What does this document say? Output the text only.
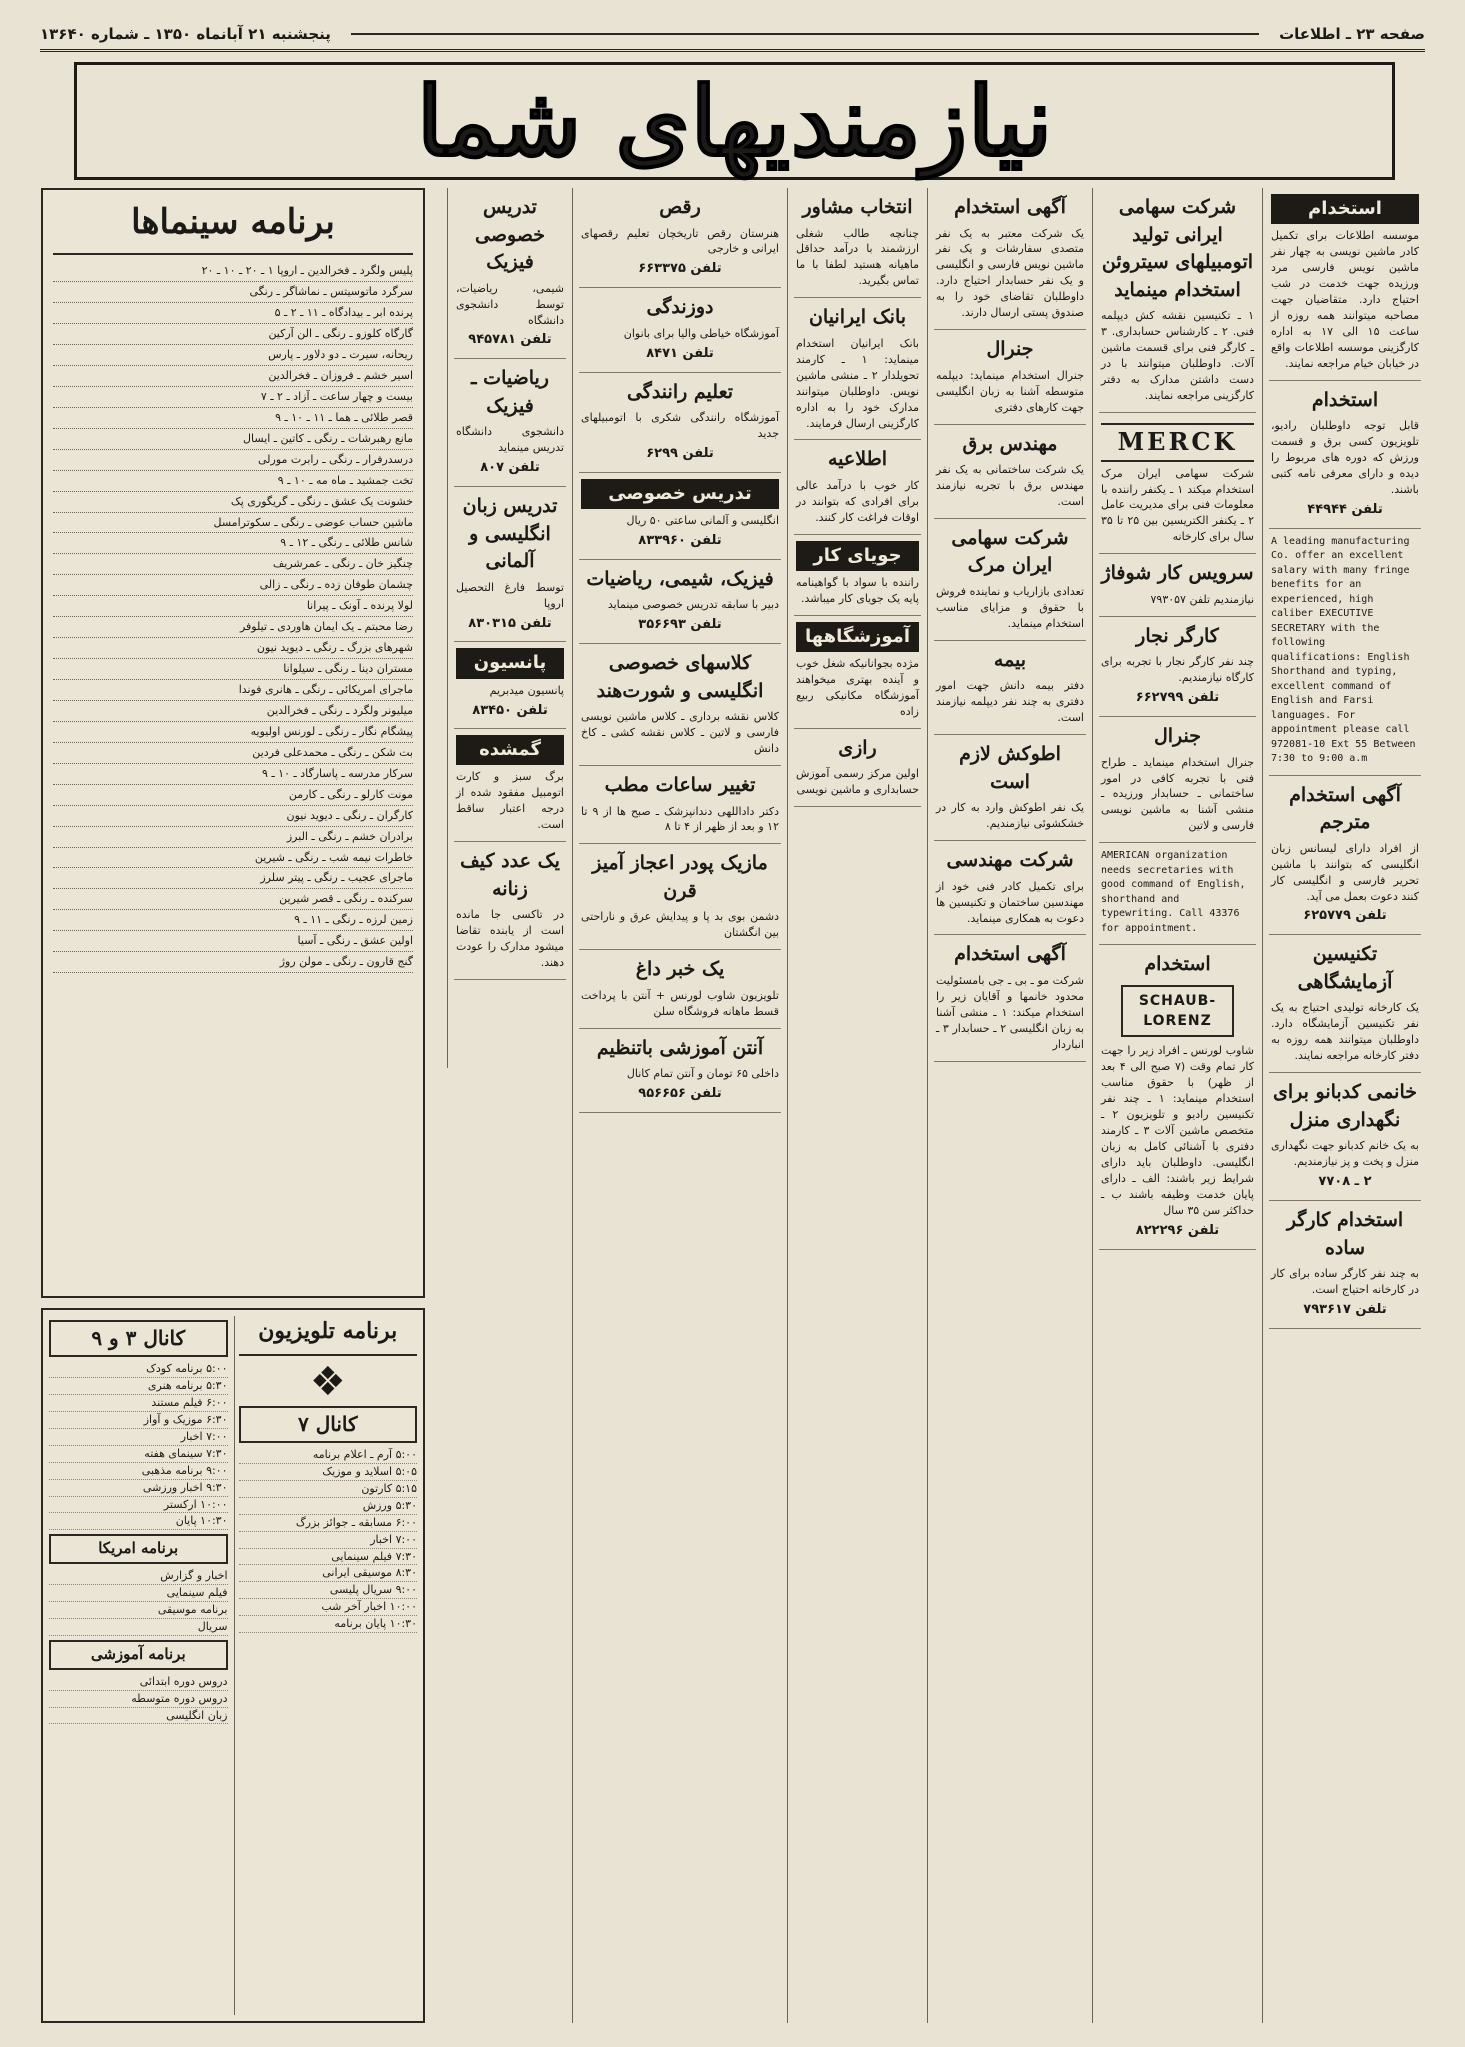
صفحه ۲۳ ـ اطلاعات
پنجشنبه ۲۱ آبانماه ۱۳۵۰ ـ شماره ۱۳۶۴۰
نیازمندیهای شما
استخدام
موسسه اطلاعات برای تکمیل کادر ماشین نویسی به چهار نفر ماشین نویس فارسی مرد ورزیده جهت خدمت در شب احتیاج دارد. متقاضیان جهت مصاحبه میتوانند همه روزه از ساعت ۱۵ الی ۱۷ به اداره کارگزینی موسسه اطلاعات واقع در خیابان خیام مراجعه نمایند.
استخدام
قابل توجه داوطلبان رادیو، تلویزیون کسی برق و قسمت ورزش که دوره های مربوط را دیده و دارای معرفی نامه کتبی باشند.
تلفن ۴۴۹۴۴
A leading manufacturing Co. offer an excellent salary with many fringe benefits for an experienced, high caliber EXECUTIVE SECRETARY with the following qualifications: English Shorthand and typing, excellent command of English and Farsi languages. For appointment please call 972081-10 Ext 55 Between 7:30 to 9:00 a.m
آگهی استخدام مترجم
از افراد دارای لیسانس زبان انگلیسی که بتوانند با ماشین تحریر فارسی و انگلیسی کار کنند دعوت بعمل می آید.
تلفن ۶۲۵۷۷۹
تکنیسین آزمایشگاهی
یک کارخانه تولیدی احتیاج به یک نفر تکنیسین آزمایشگاه دارد. داوطلبان میتوانند همه روزه به دفتر کارخانه مراجعه نمایند.
خانمی کدبانو برای نگهداری منزل
به یک خانم کدبانو جهت نگهداری منزل و پخت و پز نیازمندیم.
۲ ـ ۷۷۰۸
استخدام کارگر ساده
به چند نفر کارگر ساده برای کار در کارخانه احتیاج است.
تلفن ۷۹۳۶۱۷
شرکت سهامی ایرانی تولید اتومبیلهای سیتروئن استخدام مینماید
۱ ـ تکنیسین نقشه کش دیپلمه فنی. ۲ ـ کارشناس حسابداری. ۳ ـ کارگر فنی برای قسمت ماشین آلات. داوطلبان میتوانند با در دست داشتن مدارک به دفتر کارگزینی مراجعه نمایند.
MERCK
شرکت سهامی ایران مرک استخدام میکند ۱ ـ یکنفر راننده با معلومات فنی برای مدیریت عامل ۲ ـ یکنفر الکتریسین بین ۲۵ تا ۳۵ سال برای کارخانه
سرویس کار شوفاژ
نیازمندیم تلفن ۷۹۳۰۵۷
کارگر نجار
چند نفر کارگر نجار با تجربه برای کارگاه نیازمندیم.
تلفن ۶۶۲۷۹۹
جنرال
جنرال استخدام مینماید ـ طراح فنی با تجربه کافی در امور ساختمانی ـ حسابدار ورزیده ـ منشی آشنا به ماشین نویسی فارسی و لاتین
AMERICAN organization needs secretaries with good command of English, shorthand and typewriting. Call 43376 for appointment.
استخدام
SCHAUB-LORENZ
شاوب لورنس ـ افراد زیر را جهت کار تمام وقت (۷ صبح الی ۴ بعد از ظهر) با حقوق مناسب استخدام مینماید: ۱ ـ چند نفر تکنیسین رادیو و تلویزیون ۲ ـ متخصص ماشین آلات ۳ ـ کارمند دفتری با آشنائی کامل به زبان انگلیسی. داوطلبان باید دارای شرایط زیر باشند: الف ـ دارای پایان خدمت وظیفه باشند ب ـ حداکثر سن ۳۵ سال
تلفن ۸۲۲۲۹۶
آگهی استخدام
یک شرکت معتبر به یک نفر متصدی سفارشات و یک نفر ماشین نویس فارسی و انگلیسی و یک نفر حسابدار احتیاج دارد. داوطلبان تقاضای خود را به صندوق پستی ارسال دارند.
جنرال
جنرال استخدام مینماید: دیپلمه متوسطه آشنا به زبان انگلیسی جهت کارهای دفتری
مهندس برق
یک شرکت ساختمانی به یک نفر مهندس برق با تجربه نیازمند است.
شرکت سهامی ایران مرک
تعدادی بازاریاب و نماینده فروش با حقوق و مزایای مناسب استخدام مینماید.
بیمه
دفتر بیمه دانش جهت امور دفتری به چند نفر دیپلمه نیازمند است.
اطوکش لازم است
یک نفر اطوکش وارد به کار در خشکشوئی نیازمندیم.
شرکت مهندسی
برای تکمیل کادر فنی خود از مهندسین ساختمان و تکنیسین ها دعوت به همکاری مینماید.
آگهی استخدام
شرکت مو ـ بی ـ جی بامسئولیت محدود خانمها و آقایان زیر را استخدام میکند: ۱ ـ منشی آشنا به زبان انگلیسی ۲ ـ حسابدار ۳ ـ انباردار
انتخاب مشاور
چنانچه طالب شغلی ارزشمند با درآمد حداقل ماهیانه هستید لطفا با ما تماس بگیرید.
بانک ایرانیان
بانک ایرانیان استخدام مینماید: ۱ ـ کارمند تحویلدار ۲ ـ منشی ماشین نویس. داوطلبان میتوانند مدارک خود را به اداره کارگزینی ارسال فرمایند.
اطلاعیه
کار خوب با درآمد عالی برای افرادی که بتوانند در اوقات فراغت کار کنند.
جویای کار
راننده با سواد با گواهینامه پایه یک جویای کار میباشد.
آموزشگاهها
مژده بجوانانیکه شغل خوب و آینده بهتری میخواهند آموزشگاه مکانیکی ربیع زاده
رازی
اولین مرکز رسمی آموزش حسابداری و ماشین نویسی
رقص
هنرستان رقص تاریخچان تعلیم رقصهای ایرانی و خارجی
تلفن ۶۶۳۳۷۵
دوزندگی
آموزشگاه خیاطی والیا برای بانوان
تلفن ۸۴۷۱
تعلیم رانندگی
آموزشگاه رانندگی شکری با اتومبیلهای جدید
تلفن ۶۲۹۹
تدریس خصوصی
انگلیسی و آلمانی ساعتی ۵۰ ریال
تلفن ۸۳۳۹۶۰
فیزیک، شیمی، ریاضیات
دبیر با سابقه تدریس خصوصی مینماید
تلفن ۳۵۶۶۹۳
کلاسهای خصوصی انگلیسی و شورت‌هند
کلاس نقشه برداری ـ کلاس ماشین نویسی فارسی و لاتین ـ کلاس نقشه کشی ـ کاخ دانش
تغییر ساعات مطب
دکتر داداللهی دندانپزشک ـ صبح ها از ۹ تا ۱۲ و بعد از ظهر از ۴ تا ۸
مازیک پودر اعجاز آمیز قرن
دشمن بوی بد پا و پیدایش عرق و ناراحتی بین انگشتان
یک خبر داغ
تلویزیون شاوب لورنس + آنتن با پرداخت قسط ماهانه فروشگاه سلن
آنتن آموزشی باتنظیم
داخلی ۶۵ تومان و آنتن تمام کانال
تلفن ۹۵۶۶۵۶
تدریس خصوصی فیزیک
شیمی، ریاضیات، توسط دانشجوی دانشگاه
تلفن ۹۴۵۷۸۱
ریاضیات ـ فیزیک
دانشجوی دانشگاه تدریس مینماید
تلفن ۸۰۷
تدریس زبان انگلیسی و آلمانی
توسط فارغ التحصیل اروپا
تلفن ۸۳۰۳۱۵
پانسیون
پانسیون میدبریم
تلفن ۸۳۴۵۰
گمشده
برگ سبز و کارت اتومبیل مفقود شده از درجه اعتبار ساقط است.
یک عدد کیف زنانه
در تاکسی جا مانده است از یابنده تقاضا میشود مدارک را عودت دهند.
برنامه سینماها
پلیس ولگرد ـ فخرالدین ـ اروپا ۱ ـ ۲۰ ـ ۱۰ ـ ۲۰
سرگرد ماتوسیتس ـ نماشاگر ـ رنگی
پرنده ابر ـ بیدادگاه ـ ۱۱ ـ ۲ ـ ۵
گارگاه کلوزو ـ رنگی ـ الن آرکین
ریحانه، سیرت ـ دو دلاور ـ پارس
اسیر خشم ـ فروزان ـ فخرالدین
بیست و چهار ساعت ـ آزاد ـ ۲ ـ ۷
قصر طلائی ـ هما ـ ۱۱ ـ ۱۰ ـ ۹
مانع رهبرشات ـ رنگی ـ کاتین ـ ایسال
درسدرفرار ـ رنگی ـ رابرت مورلی
تخت جمشید ـ ماه مه ـ ۱۰ ـ ۹
خشونت یک عشق ـ رنگی ـ گریگوری پک
ماشین حساب عوضی ـ رنگی ـ سکوترامسل
شانس طلائی ـ رنگی ـ ۱۲ ـ ۹
چنگیز خان ـ رنگی ـ عمرشریف
چشمان طوفان زده ـ رنگی ـ زالی
لولا پرنده ـ آونک ـ پیرانا
رضا محبتم ـ یک ایمان هاوردی ـ تیلوفر
شهرهای بزرگ ـ رنگی ـ دیوید نیون
مستران دینا ـ رنگی ـ سیلوانا
ماجرای امریکائی ـ رنگی ـ هانری فوندا
میلیونر ولگرد ـ رنگی ـ فخرالدین
پیشگام نگار ـ رنگی ـ لورنس اولیویه
بت شکن ـ رنگی ـ محمدعلی فردین
سرکار مدرسه ـ پاسارگاد ـ ۱۰ ـ ۹
مونت کارلو ـ رنگی ـ کارمن
کارگران ـ رنگی ـ دیوید نیون
برادران خشم ـ رنگی ـ البرز
خاطرات نیمه شب ـ رنگی ـ شیرین
ماجرای عجیب ـ رنگی ـ پیتر سلرز
سرکنده ـ رنگی ـ قصر شیرین
زمین لرزه ـ رنگی ـ ۱۱ ـ ۹
اولین عشق ـ رنگی ـ آسیا
گنج قارون ـ رنگی ـ مولن روژ
برنامه تلویزیون
❖
کانال ۷
۵:۰۰ آرم ـ اعلام برنامه
۵:۰۵ اسلاید و موزیک
۵:۱۵ کارتون
۵:۳۰ ورزش
۶:۰۰ مسابقه ـ جوائز بزرگ
۷:۰۰ اخبار
۷:۳۰ فیلم سینمایی
۸:۳۰ موسیقی ایرانی
۹:۰۰ سریال پلیسی
۱۰:۰۰ اخبار آخر شب
۱۰:۳۰ پایان برنامه
کانال ۳ و ۹
۵:۰۰ برنامه کودک
۵:۳۰ برنامه هنری
۶:۰۰ فیلم مستند
۶:۳۰ موزیک و آواز
۷:۰۰ اخبار
۷:۳۰ سینمای هفته
۹:۰۰ برنامه مذهبی
۹:۳۰ اخبار ورزشی
۱۰:۰۰ ارکستر
۱۰:۳۰ پایان
برنامه امریکا
اخبار و گزارش
فیلم سینمایی
برنامه موسیقی
سریال
برنامه آموزشی
دروس دوره ابتدائی
دروس دوره متوسطه
زبان انگلیسی
